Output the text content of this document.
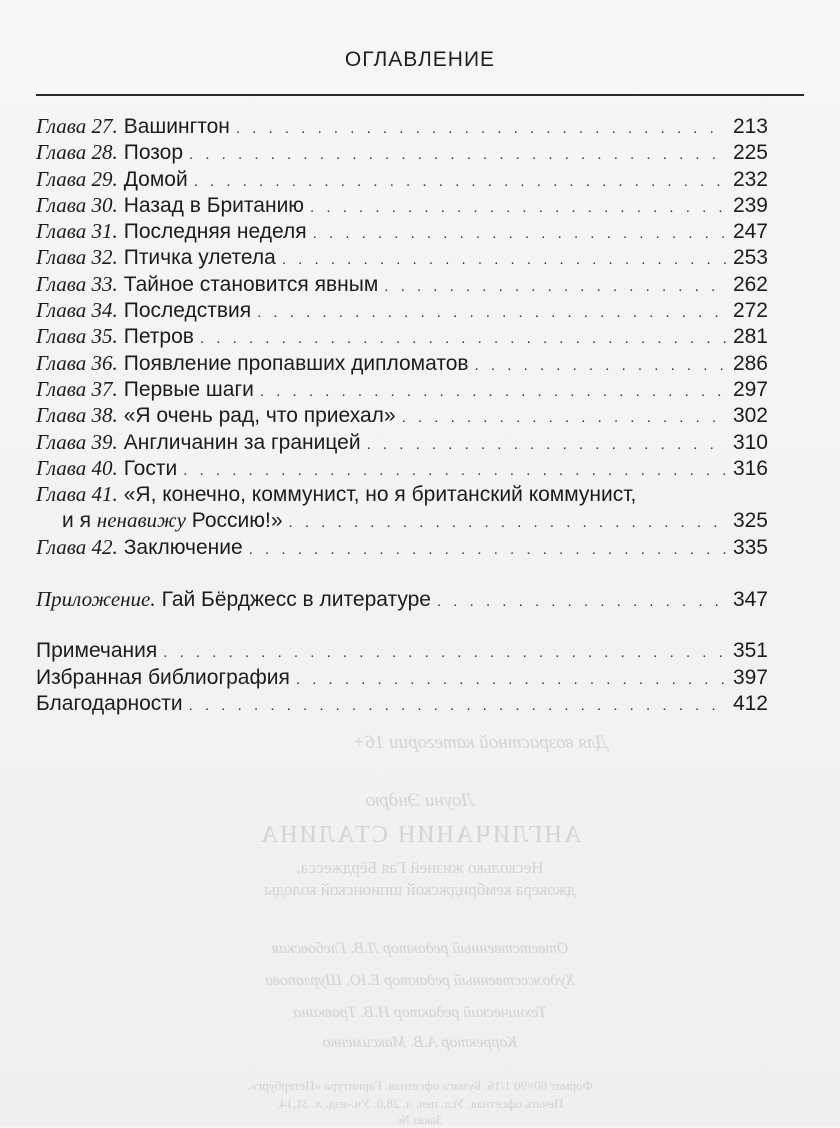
ОГЛАВЛЕНИЕ
Глава 27. Вашингтон . . .	213
Глава 28. Позор . . .	225
Глава 29. Домой . . .	232
Глава 30. Назад в Британию . . .	239
Глава 31. Последняя неделя . . .	247
Глава 32. Птичка улетела . . .	253
Глава 33. Тайное становится явным . . .	262
Глава 34. Последствия . . .	272
Глава 35. Петров . . .	281
Глава 36. Появление пропавших дипломатов . . .	286
Глава 37. Первые шаги . . .	297
Глава 38. «Я очень рад, что приехал» . . .	302
Глава 39. Англичанин за границей . . .	310
Глава 40. Гости . . .	316
Глава 41. «Я, конечно, коммунист, но я британский коммунист,
и я ненавижу Россию!» . . .	325
Глава 42. Заключение . . .	335
Приложение. Гай Бёрджесс в литературе . . .	347
Примечания . . .	351
Избранная библиография . . .	397
Благодарности . . .	412
Для возрастной категории 16+
Лоуни Эндрю
АНГЛИЧАНИН СТАЛИНА
Несколько жизней Гая Бёрджесса,
джокера кембриджской шпионской колоды
Ответственный редактор Л.В. Глебовская
Художественный редактор Е.Ю. Шурлапова
Технический редактор Н.В. Травкина
Корректор А.В. Максименко
Формат 60×90 1/16. Бумага офсетная. Гарнитура «Петербург».
Печать офсетная. Усл. печ. л. 28,0. Уч.-изд. л. 31,14.
Заказ №
